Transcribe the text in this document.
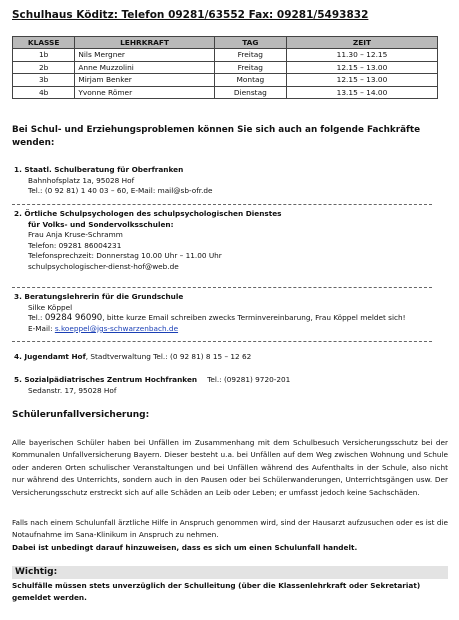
Schulhaus Köditz: Telefon 09281/63552 Fax: 09281/5493832
KLASSE	LEHRKRAFT	TAG	ZEIT
1b	Nils Mergner	Freitag	11.30 – 12.15
2b	Anne Muzzolini	Freitag	12.15 – 13.00
3b	Mirjam Benker	Montag	12.15 – 13.00
4b	Yvonne Römer	Dienstag	13.15 – 14.00
Bei Schul- und Erziehungsproblemen können Sie sich auch an folgende Fachkräfte wenden:
1. Staatl. Schulberatung für Oberfranken
Bahnhofsplatz 1a, 95028 Hof
Tel.: (0 92 81) 1 40 03 – 60, E-Mail: mail@sb-ofr.de
2. Örtliche Schulpsychologen des schulpsychologischen Dienstes
für Volks- und Sondervolksschulen:
Frau Anja Kruse-Schramm
Telefon: 09281 86004231
Telefonsprechzeit: Donnerstag 10.00 Uhr – 11.00 Uhr
schulpsychologischer-dienst-hof@web.de
3. Beratungslehrerin für die Grundschule
Silke Köppel
Tel.: 09284 96090, bitte kurze Email schreiben zwecks Terminvereinbarung, Frau Köppel meldet sich!
E-Mail: s.koeppel@jgs-schwarzenbach.de
4. Jugendamt Hof, Stadtverwaltung Tel.: (0 92 81) 8 15 – 12 62
5. Sozialpädiatrisches Zentrum Hochfranken Tel.: (09281) 9720-201
Sedanstr. 17, 95028 Hof
Schülerunfallversicherung:

Alle bayerischen Schüler haben bei Unfällen im Zusammenhang mit dem Schulbesuch Versicherungsschutz bei der Kommunalen Unfallversicherung Bayern. Dieser besteht u.a. bei Unfällen auf dem Weg zwischen Wohnung und Schule oder anderen Orten schulischer Veranstaltungen und bei Unfällen während des Aufenthalts in der Schule, also nicht nur während des Unterrichts, sondern auch in den Pausen oder bei Schülerwanderungen, Unterrichtsgängen usw. Der Versicherungsschutz erstreckt sich auf alle Schäden an Leib oder Leben; er umfasst jedoch keine Sachschäden.

Falls nach einem Schulunfall ärztliche Hilfe in Anspruch genommen wird, sind der Hausarzt aufzusuchen oder es ist die Notaufnahme im Sana-Klinikum in Anspruch zu nehmen.

Dabei ist unbedingt darauf hinzuweisen, dass es sich um einen Schulunfall handelt.

Wichtig:
Schulfälle müssen stets unverzüglich der Schulleitung (über die Klassenlehrkraft oder Sekretariat) gemeldet werden.
